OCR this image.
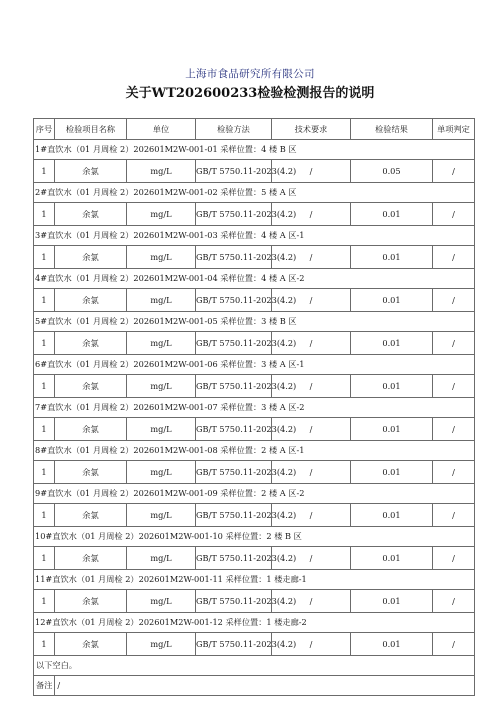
上海市食品研究所有限公司
关于WT202600233检验检测报告的说明
序号	检验项目名称	单位	检验方法	技术要求	检验结果	单项判定
1#直饮水（01 月周检 2）202601M2W-001-01 采样位置：4 楼 B 区						
1	余氯	mg/L	GB/T 5750.11-2023(4.2)	/	0.05	/
2#直饮水（01 月周检 2）202601M2W-001-02 采样位置：5 楼 A 区						
1	余氯	mg/L	GB/T 5750.11-2023(4.2)	/	0.01	/
3#直饮水（01 月周检 2）202601M2W-001-03 采样位置：4 楼 A 区-1						
1	余氯	mg/L	GB/T 5750.11-2023(4.2)	/	0.01	/
4#直饮水（01 月周检 2）202601M2W-001-04 采样位置：4 楼 A 区-2						
1	余氯	mg/L	GB/T 5750.11-2023(4.2)	/	0.01	/
5#直饮水（01 月周检 2）202601M2W-001-05 采样位置：3 楼 B 区						
1	余氯	mg/L	GB/T 5750.11-2023(4.2)	/	0.01	/
6#直饮水（01 月周检 2）202601M2W-001-06 采样位置：3 楼 A 区-1						
1	余氯	mg/L	GB/T 5750.11-2023(4.2)	/	0.01	/
7#直饮水（01 月周检 2）202601M2W-001-07 采样位置：3 楼 A 区-2						
1	余氯	mg/L	GB/T 5750.11-2023(4.2)	/	0.01	/
8#直饮水（01 月周检 2）202601M2W-001-08 采样位置：2 楼 A 区-1						
1	余氯	mg/L	GB/T 5750.11-2023(4.2)	/	0.01	/
9#直饮水（01 月周检 2）202601M2W-001-09 采样位置：2 楼 A 区-2						
1	余氯	mg/L	GB/T 5750.11-2023(4.2)	/	0.01	/
10#直饮水（01 月周检 2）202601M2W-001-10 采样位置：2 楼 B 区						
1	余氯	mg/L	GB/T 5750.11-2023(4.2)	/	0.01	/
11#直饮水（01 月周检 2）202601M2W-001-11 采样位置：1 楼走廊-1						
1	余氯	mg/L	GB/T 5750.11-2023(4.2)	/	0.01	/
12#直饮水（01 月周检 2）202601M2W-001-12 采样位置：1 楼走廊-2						
1	余氯	mg/L	GB/T 5750.11-2023(4.2)	/	0.01	/
以下空白。						
备注 /						
